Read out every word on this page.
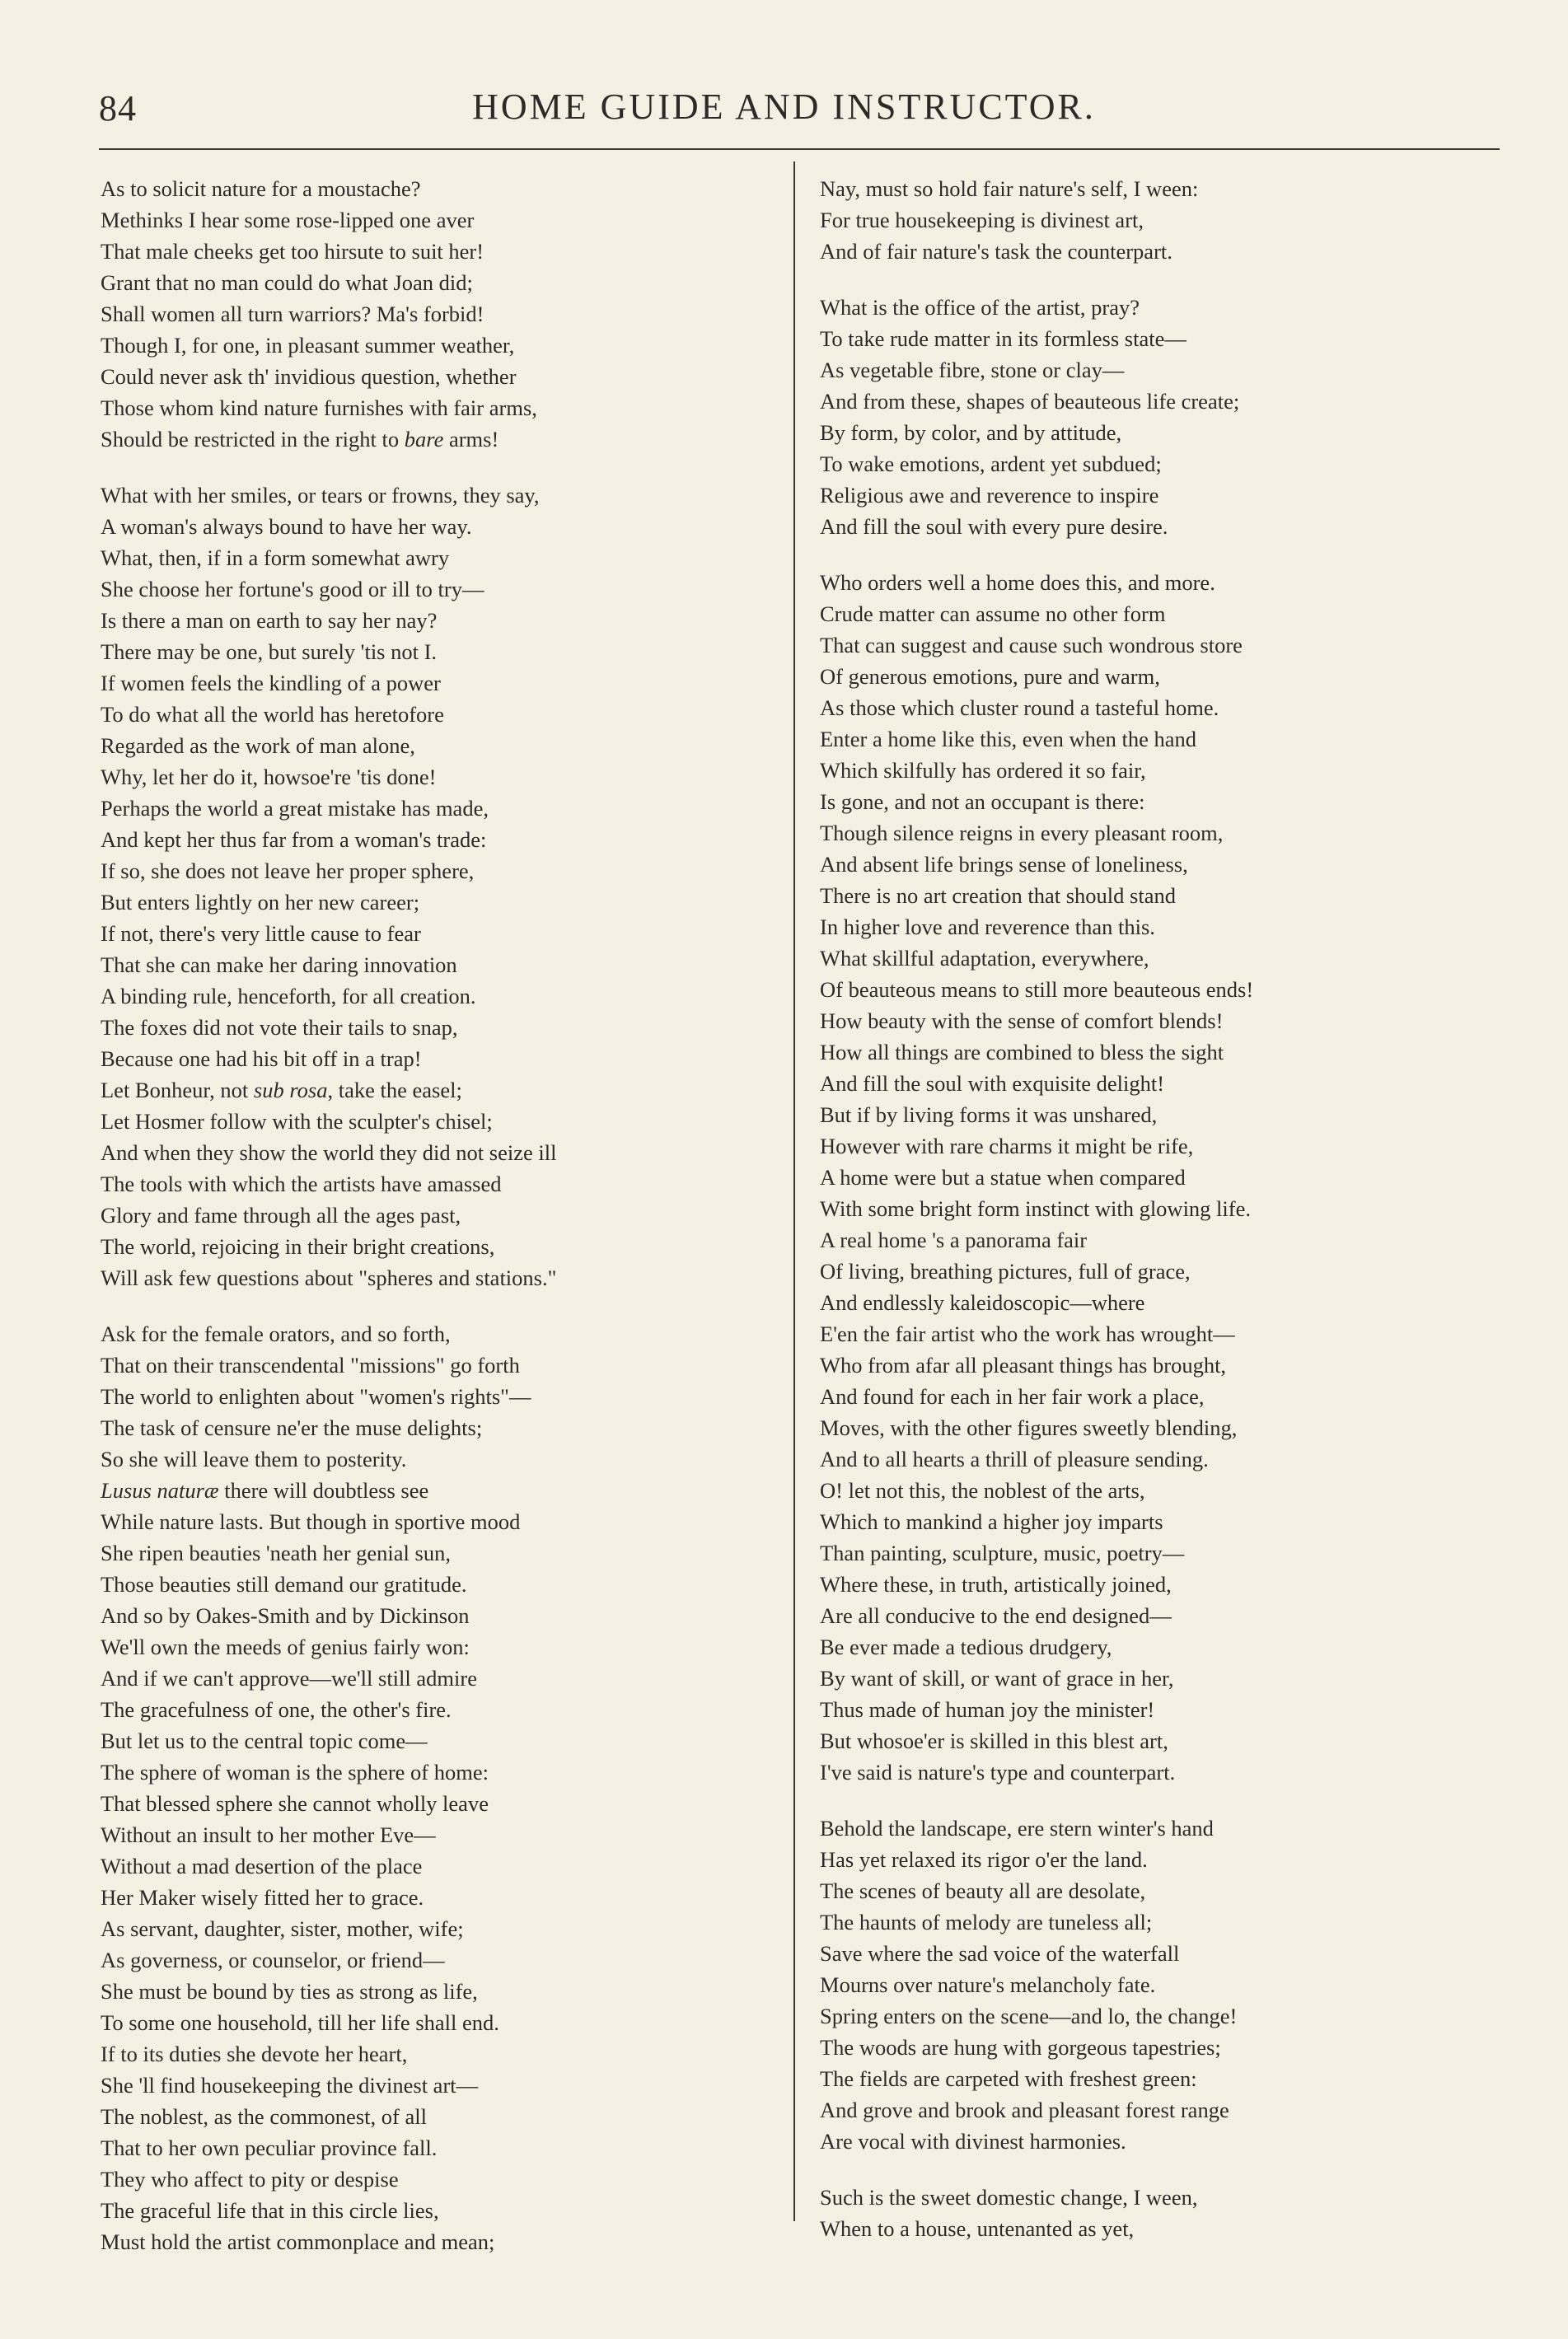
84	HOME GUIDE AND INSTRUCTOR.
As to solicit nature for a moustache?
Methinks I hear some rose-lipped one aver
That male cheeks get too hirsute to suit her!
Grant that no man could do what Joan did;
Shall women all turn warriors? Ma's forbid!
Though I, for one, in pleasant summer weather,
Could never ask th' invidious question, whether
Those whom kind nature furnishes with fair arms,
Should be restricted in the right to bare arms!
What with her smiles, or tears or frowns, they say,
A woman's always bound to have her way.
What, then, if in a form somewhat awry
She choose her fortune's good or ill to try—
Is there a man on earth to say her nay?
There may be one, but surely 'tis not I.
If women feels the kindling of a power
To do what all the world has heretofore
Regarded as the work of man alone,
Why, let her do it, howsoe're 'tis done!
Perhaps the world a great mistake has made,
And kept her thus far from a woman's trade:
If so, she does not leave her proper sphere,
But enters lightly on her new career;
If not, there's very little cause to fear
That she can make her daring innovation
A binding rule, henceforth, for all creation.
The foxes did not vote their tails to snap,
Because one had his bit off in a trap!
Let Bonheur, not sub rosa, take the easel;
Let Hosmer follow with the sculpter's chisel;
And when they show the world they did not seize ill
The tools with which the artists have amassed
Glory and fame through all the ages past,
The world, rejoicing in their bright creations,
Will ask few questions about "spheres and stations."
Ask for the female orators, and so forth,
That on their transcendental "missions" go forth
The world to enlighten about "women's rights"—
The task of censure ne'er the muse delights;
So she will leave them to posterity.
Lusus naturæ there will doubtless see
While nature lasts. But though in sportive mood
She ripen beauties 'neath her genial sun,
Those beauties still demand our gratitude.
And so by Oakes-Smith and by Dickinson
We'll own the meeds of genius fairly won:
And if we can't approve—we'll still admire
The gracefulness of one, the other's fire.
But let us to the central topic come—
The sphere of woman is the sphere of home:
That blessed sphere she cannot wholly leave
Without an insult to her mother Eve—
Without a mad desertion of the place
Her Maker wisely fitted her to grace.
As servant, daughter, sister, mother, wife;
As governess, or counselor, or friend—
She must be bound by ties as strong as life,
To some one household, till her life shall end.
If to its duties she devote her heart,
She 'll find housekeeping the divinest art—
The noblest, as the commonest, of all
That to her own peculiar province fall.
They who affect to pity or despise
The graceful life that in this circle lies,
Must hold the artist commonplace and mean;
Nay, must so hold fair nature's self, I ween:
For true housekeeping is divinest art,
And of fair nature's task the counterpart.
What is the office of the artist, pray?
To take rude matter in its formless state—
As vegetable fibre, stone or clay—
And from these, shapes of beauteous life create;
By form, by color, and by attitude,
To wake emotions, ardent yet subdued;
Religious awe and reverence to inspire
And fill the soul with every pure desire.
Who orders well a home does this, and more.
Crude matter can assume no other form
That can suggest and cause such wondrous store
Of generous emotions, pure and warm,
As those which cluster round a tasteful home.
Enter a home like this, even when the hand
Which skilfully has ordered it so fair,
Is gone, and not an occupant is there:
Though silence reigns in every pleasant room,
And absent life brings sense of loneliness,
There is no art creation that should stand
In higher love and reverence than this.
What skillful adaptation, everywhere,
Of beauteous means to still more beauteous ends!
How beauty with the sense of comfort blends!
How all things are combined to bless the sight
And fill the soul with exquisite delight!
But if by living forms it was unshared,
However with rare charms it might be rife,
A home were but a statue when compared
With some bright form instinct with glowing life.
A real home 's a panorama fair
Of living, breathing pictures, full of grace,
And endlessly kaleidoscopic—where
E'en the fair artist who the work has wrought—
Who from afar all pleasant things has brought,
And found for each in her fair work a place,
Moves, with the other figures sweetly blending,
And to all hearts a thrill of pleasure sending.
O! let not this, the noblest of the arts,
Which to mankind a higher joy imparts
Than painting, sculpture, music, poetry—
Where these, in truth, artistically joined,
Are all conducive to the end designed—
Be ever made a tedious drudgery,
By want of skill, or want of grace in her,
Thus made of human joy the minister!
But whosoe'er is skilled in this blest art,
I've said is nature's type and counterpart.
Behold the landscape, ere stern winter's hand
Has yet relaxed its rigor o'er the land.
The scenes of beauty all are desolate,
The haunts of melody are tuneless all;
Save where the sad voice of the waterfall
Mourns over nature's melancholy fate.
Spring enters on the scene—and lo, the change!
The woods are hung with gorgeous tapestries;
The fields are carpeted with freshest green:
And grove and brook and pleasant forest range
Are vocal with divinest harmonies.
Such is the sweet domestic change, I ween,
When to a house, untenanted as yet,
